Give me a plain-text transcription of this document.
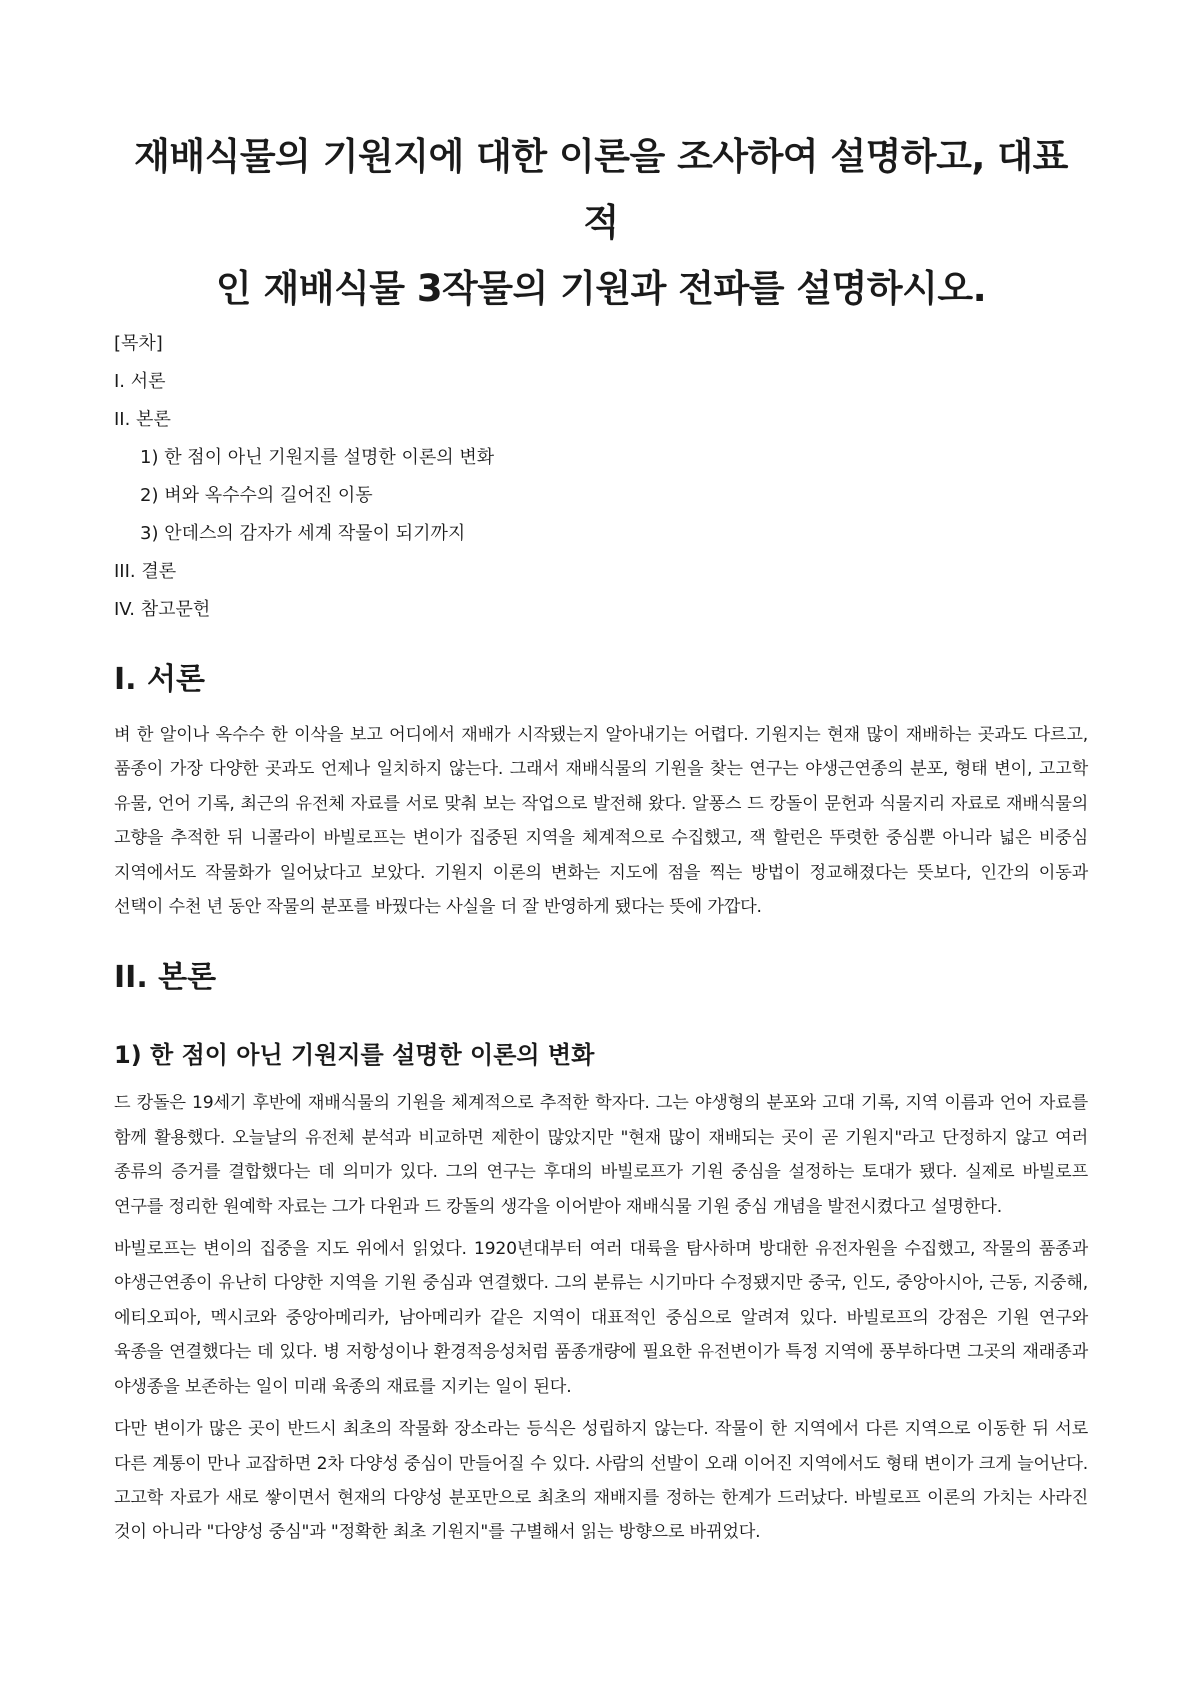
재배식물의 기원지에 대한 이론을 조사하여 설명하고, 대표적
인 재배식물 3작물의 기원과 전파를 설명하시오.

[목차]

I. 서론

II. 본론

1) 한 점이 아닌 기원지를 설명한 이론의 변화

2) 벼와 옥수수의 길어진 이동

3) 안데스의 감자가 세계 작물이 되기까지

III. 결론

IV. 참고문헌

I. 서론

벼 한 알이나 옥수수 한 이삭을 보고 어디에서 재배가 시작됐는지 알아내기는 어렵다. 기원지는 현재 많이 재배하는 곳과도 다르고, 품종이 가장 다양한 곳과도 언제나 일치하지 않는다. 그래서 재배식물의 기원을 찾는 연구는 야생근연종의 분포, 형태 변이, 고고학 유물, 언어 기록, 최근의 유전체 자료를 서로 맞춰 보는 작업으로 발전해 왔다. 알퐁스 드 캉돌이 문헌과 식물지리 자료로 재배식물의 고향을 추적한 뒤 니콜라이 바빌로프는 변이가 집중된 지역을 체계적으로 수집했고, 잭 할런은 뚜렷한 중심뿐 아니라 넓은 비중심 지역에서도 작물화가 일어났다고 보았다. 기원지 이론의 변화는 지도에 점을 찍는 방법이 정교해졌다는 뜻보다, 인간의 이동과 선택이 수천 년 동안 작물의 분포를 바꿨다는 사실을 더 잘 반영하게 됐다는 뜻에 가깝다.

II. 본론
1) 한 점이 아닌 기원지를 설명한 이론의 변화

드 캉돌은 19세기 후반에 재배식물의 기원을 체계적으로 추적한 학자다. 그는 야생형의 분포와 고대 기록, 지역 이름과 언어 자료를 함께 활용했다. 오늘날의 유전체 분석과 비교하면 제한이 많았지만 "현재 많이 재배되는 곳이 곧 기원지"라고 단정하지 않고 여러 종류의 증거를 결합했다는 데 의미가 있다. 그의 연구는 후대의 바빌로프가 기원 중심을 설정하는 토대가 됐다. 실제로 바빌로프 연구를 정리한 원예학 자료는 그가 다윈과 드 캉돌의 생각을 이어받아 재배식물 기원 중심 개념을 발전시켰다고 설명한다.

바빌로프는 변이의 집중을 지도 위에서 읽었다. 1920년대부터 여러 대륙을 탐사하며 방대한 유전자원을 수집했고, 작물의 품종과 야생근연종이 유난히 다양한 지역을 기원 중심과 연결했다. 그의 분류는 시기마다 수정됐지만 중국, 인도, 중앙아시아, 근동, 지중해, 에티오피아, 멕시코와 중앙아메리카, 남아메리카 같은 지역이 대표적인 중심으로 알려져 있다. 바빌로프의 강점은 기원 연구와 육종을 연결했다는 데 있다. 병 저항성이나 환경적응성처럼 품종개량에 필요한 유전변이가 특정 지역에 풍부하다면 그곳의 재래종과 야생종을 보존하는 일이 미래 육종의 재료를 지키는 일이 된다.

다만 변이가 많은 곳이 반드시 최초의 작물화 장소라는 등식은 성립하지 않는다. 작물이 한 지역에서 다른 지역으로 이동한 뒤 서로 다른 계통이 만나 교잡하면 2차 다양성 중심이 만들어질 수 있다. 사람의 선발이 오래 이어진 지역에서도 형태 변이가 크게 늘어난다. 고고학 자료가 새로 쌓이면서 현재의 다양성 분포만으로 최초의 재배지를 정하는 한계가 드러났다. 바빌로프 이론의 가치는 사라진 것이 아니라 "다양성 중심"과 "정확한 최초 기원지"를 구별해서 읽는 방향으로 바뀌었다.
